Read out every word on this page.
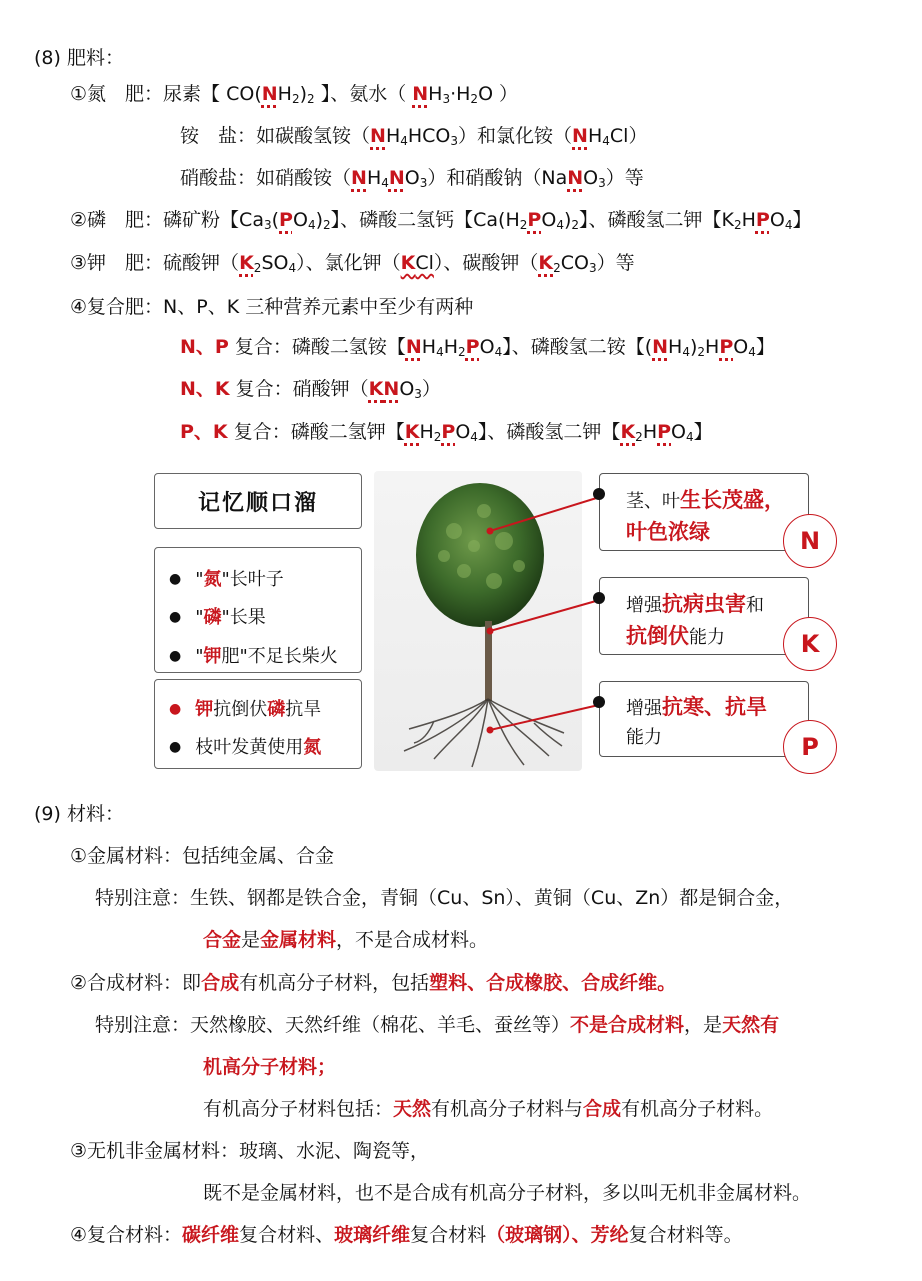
(8) 肥料：
①氮　肥：尿素【 $CO(NH_2)_2$ 】、氨水（ $NH_3\cdot H_2O$ ）
铵　盐：如碳酸氢铵$(NH_4HCO_3)$和氯化铵$(NH_4Cl)$
硝酸盐：如硝酸铵$(NH_4NO_3)$和硝酸钠（NaNO$_3$）等
②磷　肥：磷矿粉【$Ca_3(PO_4)_2$】、磷酸二氢钙【$Ca(H_2PO_4)_2$】、磷酸氢二钾【$K_2HPO_4$】
③钾　肥：硫酸钾$(K_2SO_4)$、氯化钾（KCl）、碳酸钾$(K_2CO_3)$等
④复合肥：N、P、K 三种营养元素中至少有两种
N、P 复合：磷酸二氢铵【$NH_4H_2PO_4$】、磷酸氢二铵【$(NH_4)_2HPO_4$】
N、K 复合：硝酸钾$(KNO_3)$
P、K 复合：磷酸二氢钾【$KH_2PO_4$】、磷酸氢二钾【$K_2HPO_4$】
记忆顺口溜
● "氮"长叶子
● "磷"长果
● "钾肥"不足长柴火
● 钾抗倒伏磷抗旱
● 枝叶发黄使用氮
茎、叶生长茂盛，
叶色浓绿	N
增强抗病虫害和
抗倒伏能力	K
增强抗寒、抗旱
能力	P
(9) 材料：
①金属材料：包括纯金属、合金
特别注意：生铁、钢都是铁合金，青铜（Cu、Sn）、黄铜（Cu、Zn）都是铜合金，
合金是金属材料，不是合成材料。
②合成材料：即合成有机高分子材料，包括塑料、合成橡胶、合成纤维。
特别注意：天然橡胶、天然纤维（棉花、羊毛、蚕丝等）不是合成材料，是天然有
机高分子材料；
有机高分子材料包括：天然有机高分子材料与合成有机高分子材料。
③无机非金属材料：玻璃、水泥、陶瓷等，
既不是金属材料，也不是合成有机高分子材料，多以叫无机非金属材料。
④复合材料：碳纤维复合材料、玻璃纤维复合材料（玻璃钢）、芳纶复合材料等。
